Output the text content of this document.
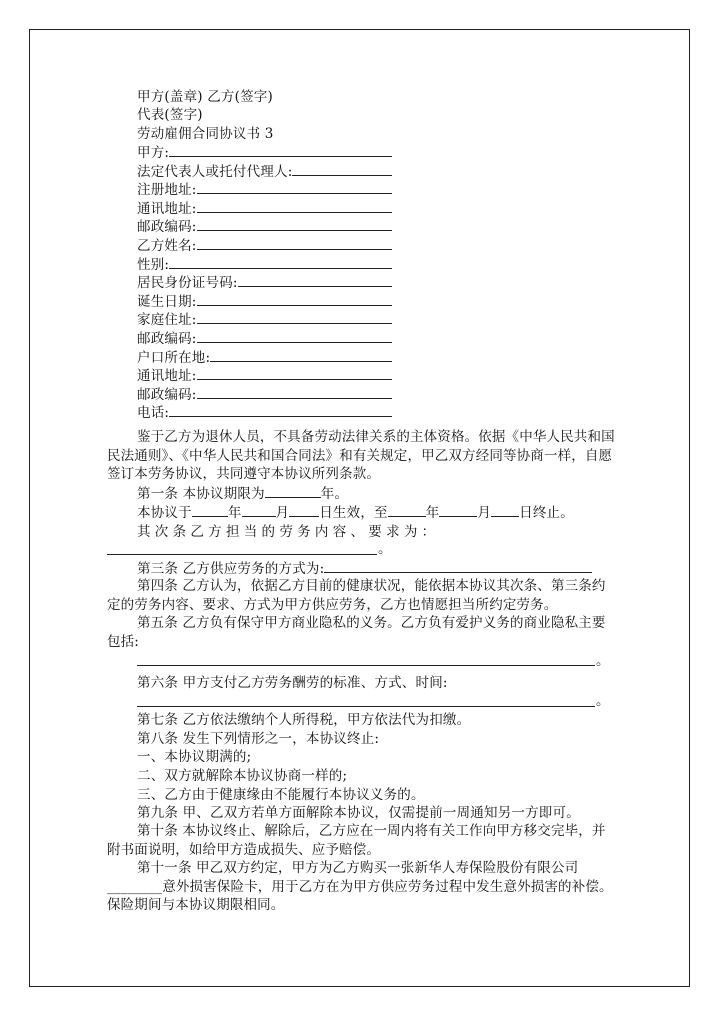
甲方(盖章) 乙方(签字)
代表(签字)
劳动雇佣合同协议书 3
甲方:
法定代表人或托付代理人:
注册地址:
通讯地址:
邮政编码:
乙方姓名:
性别:
居民身份证号码:
诞生日期:
家庭住址:
邮政编码:
户口所在地:
通讯地址:
邮政编码:
电话:
鉴于乙方为退休人员，不具备劳动法律关系的主体资格。依据《中华人民共和国民法通则》、《中华人民共和国合同法》和有关规定，甲乙双方经同等协商一样，自愿签订本劳务协议，共同遵守本协议所列条款。
第一条 本协议期限为	年。
本协议于	年	月 日生效，至	年	月 日终止。
其 次 条 乙 方 担 当 的 劳 务 内 容 、 要 求 为 ：
。
第三条 乙方供应劳务的方式为:
第四条 乙方认为，依据乙方目前的健康状况，能依据本协议其次条、第三条约定的劳务内容、要求、方式为甲方供应劳务，乙方也情愿担当所约定劳务。
第五条 乙方负有保守甲方商业隐私的义务。乙方负有爱护义务的商业隐私主要包括:
。
第六条 甲方支付乙方劳务酬劳的标准、方式、时间:
。
第七条 乙方依法缴纳个人所得税，甲方依法代为扣缴。
第八条 发生下列情形之一，本协议终止:
一、本协议期满的;
二、双方就解除本协议协商一样的;
三、乙方由于健康缘由不能履行本协议义务的。
第九条 甲、乙双方若单方面解除本协议，仅需提前一周通知另一方即可。
第十条 本协议终止、解除后，乙方应在一周内将有关工作向甲方移交完毕，并附书面说明，如给甲方造成损失、应予赔偿。
第十一条 甲乙双方约定，甲方为乙方购买一张新华人寿保险股份有限公司________意外损害保险卡，用于乙方在为甲方供应劳务过程中发生意外损害的补偿。保险期间与本协议期限相同。
